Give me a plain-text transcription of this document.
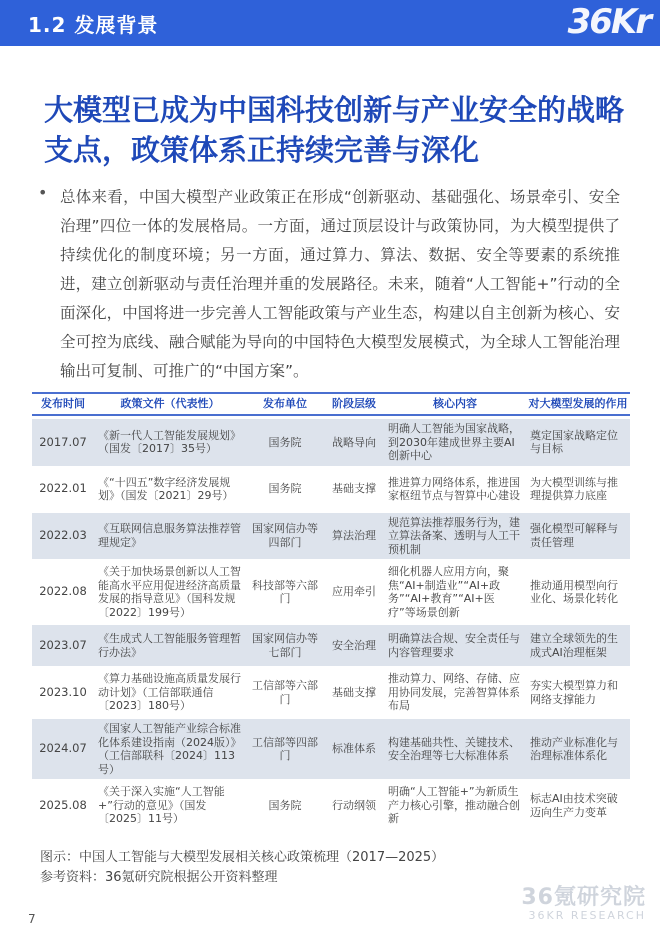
1.2 发展背景	36Kr
大模型已成为中国科技创新与产业安全的战略支点，政策体系正持续完善与深化
• 总体来看，中国大模型产业政策正在形成“创新驱动、基础强化、场景牵引、安全治理”四位一体的发展格局。一方面，通过顶层设计与政策协同，为大模型提供了持续优化的制度环境；另一方面，通过算力、算法、数据、安全等要素的系统推进，建立创新驱动与责任治理并重的发展路径。未来，随着“人工智能+”行动的全面深化，中国将进一步完善人工智能政策与产业生态，构建以自主创新为核心、安全可控为底线、融合赋能为导向的中国特色大模型发展模式，为全球人工智能治理输出可复制、可推广的“中国方案”。

发布时间	政策文件（代表性）	发布单位	阶段层级	核心内容	对大模型发展的作用
2017.07	《新一代人工智能发展规划》（国发〔2017〕35号）	国务院	战略导向	明确人工智能为国家战略，到2030年建成世界主要AI创新中心	奠定国家战略定位与目标
2022.01	《“十四五”数字经济发展规划》（国发〔2021〕29号）	国务院	基础支撑	推进算力网络体系，推进国家枢纽节点与智算中心建设	为大模型训练与推理提供算力底座
2022.03	《互联网信息服务算法推荐管理规定》	国家网信办等四部门	算法治理	规范算法推荐服务行为，建立算法备案、透明与人工干预机制	强化模型可解释与责任管理
2022.08	《关于加快场景创新以人工智能高水平应用促进经济高质量发展的指导意见》（国科发规〔2022〕199号）	科技部等六部门	应用牵引	细化机器人应用方向，聚焦“AI+制造业”“AI+政务”“AI+教育”“AI+医疗”等场景创新	推动通用模型向行业化、场景化转化
2023.07	《生成式人工智能服务管理暂行办法》	国家网信办等七部门	安全治理	明确算法合规、安全责任与内容管理要求	建立全球领先的生成式AI治理框架
2023.10	《算力基础设施高质量发展行动计划》（工信部联通信〔2023〕180号）	工信部等六部门	基础支撑	推动算力、网络、存储、应用协同发展，完善智算体系布局	夯实大模型算力和网络支撑能力
2024.07	《国家人工智能产业综合标准化体系建设指南（2024版）》（工信部联科〔2024〕113号）	工信部等四部门	标准体系	构建基础共性、关键技术、安全治理等七大标准体系	推动产业标准化与治理标准体系化
2025.08	《关于深入实施“人工智能+”行动的意见》（国发〔2025〕11号）	国务院	行动纲领	明确“人工智能+”为新质生产力核心引擎，推动融合创新	标志AI由技术突破迈向生产力变革
图示：中国人工智能与大模型发展相关核心政策梳理（2017—2025）
参考资料：36氪研究院根据公开资料整理
36氪研究院
36KR RESEARCH
7
